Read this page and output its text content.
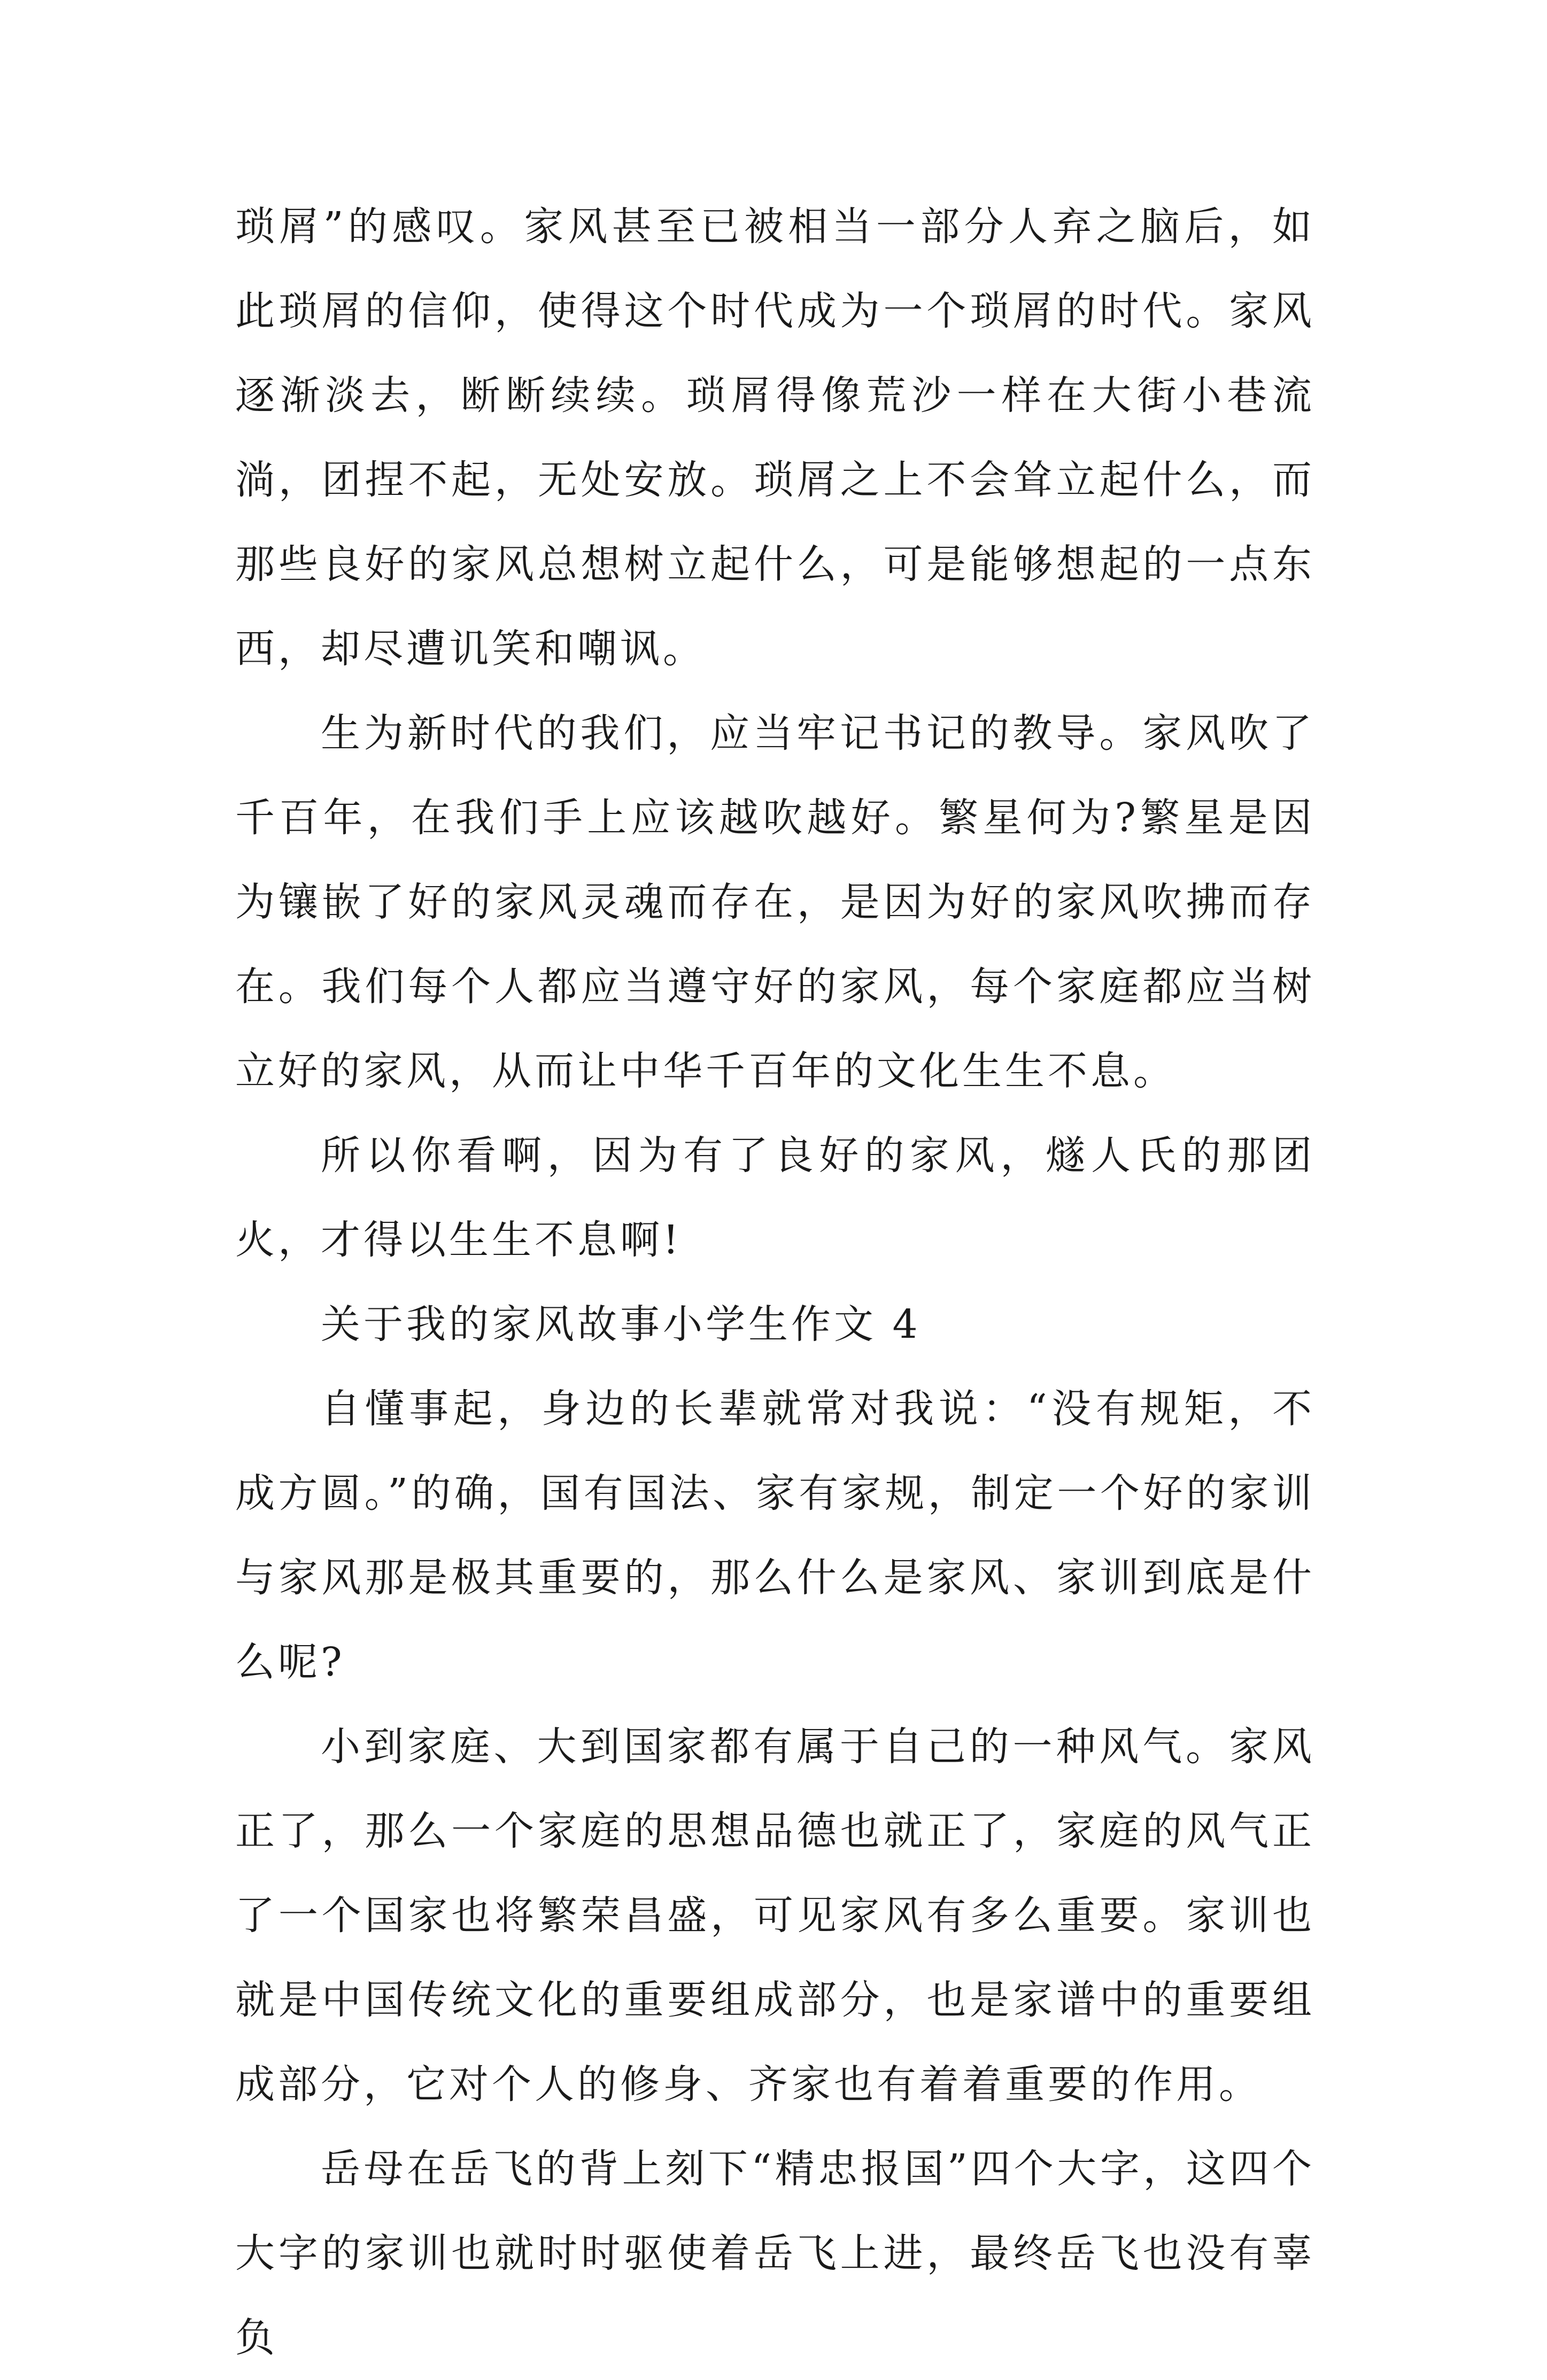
琐屑”的感叹。家风甚至已被相当一部分人弃之脑后，如此琐屑的信仰，使得这个时代成为一个琐屑的时代。家风逐渐淡去，断断续续。琐屑得像荒沙一样在大街小巷流淌，团捏不起，无处安放。琐屑之上不会耸立起什么，而那些良好的家风总想树立起什么，可是能够想起的一点东西，却尽遭讥笑和嘲讽。

生为新时代的我们，应当牢记书记的教导。家风吹了千百年，在我们手上应该越吹越好。繁星何为?繁星是因为镶嵌了好的家风灵魂而存在，是因为好的家风吹拂而存在。我们每个人都应当遵守好的家风，每个家庭都应当树立好的家风，从而让中华千百年的文化生生不息。

所以你看啊，因为有了良好的家风，燧人氏的那团火，才得以生生不息啊!

关于我的家风故事小学生作文 4

自懂事起，身边的长辈就常对我说：“没有规矩，不成方圆。”的确，国有国法、家有家规，制定一个好的家训与家风那是极其重要的，那么什么是家风、家训到底是什么呢?

小到家庭、大到国家都有属于自己的一种风气。家风正了，那么一个家庭的思想品德也就正了，家庭的风气正了一个国家也将繁荣昌盛，可见家风有多么重要。家训也就是中国传统文化的重要组成部分，也是家谱中的重要组成部分，它对个人的修身、齐家也有着着重要的作用。

岳母在岳飞的背上刻下“精忠报国”四个大字，这四个大字的家训也就时时驱使着岳飞上进，最终岳飞也没有辜负
